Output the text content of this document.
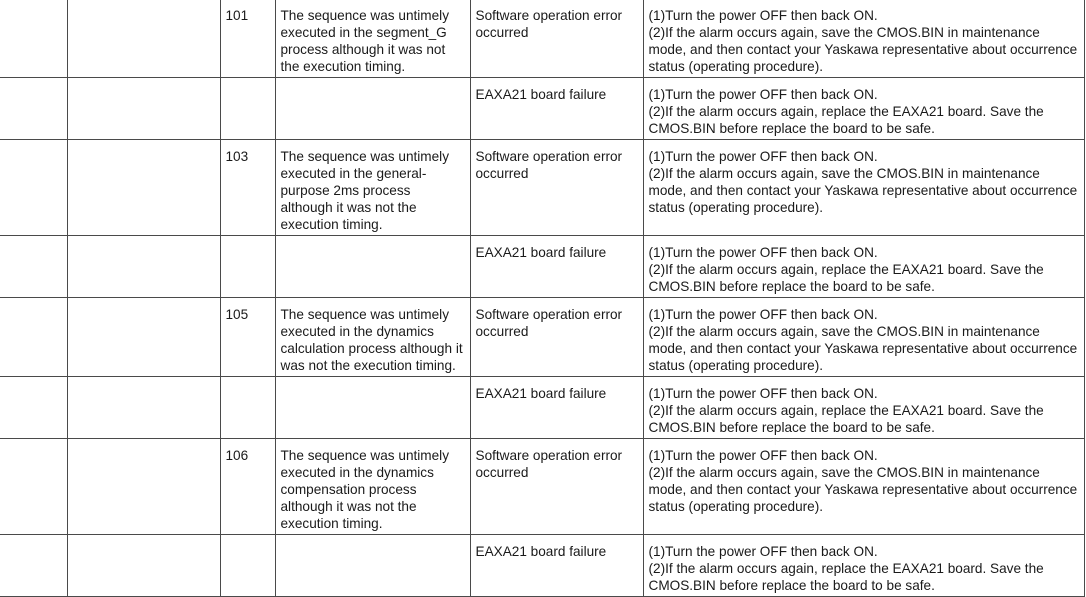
		101	The sequence was untimely executed in the segment_G process although it was not the execution timing.	Software operation error occurred	(1)Turn the power OFF then back ON.
(2)If the alarm occurs again, save the CMOS.BIN in maintenance mode, and then contact your Yaskawa representative about occurrence status (operating procedure).

				EAXA21 board failure	(1)Turn the power OFF then back ON.
(2)If the alarm occurs again, replace the EAXA21 board. Save the CMOS.BIN before replace the board to be safe.

		103	The sequence was untimely executed in the general-purpose 2ms process although it was not the execution timing.	Software operation error occurred	(1)Turn the power OFF then back ON.
(2)If the alarm occurs again, save the CMOS.BIN in maintenance mode, and then contact your Yaskawa representative about occurrence status (operating procedure).

				EAXA21 board failure	(1)Turn the power OFF then back ON.
(2)If the alarm occurs again, replace the EAXA21 board. Save the CMOS.BIN before replace the board to be safe.

		105	The sequence was untimely executed in the dynamics calculation process although it was not the execution timing.	Software operation error occurred	(1)Turn the power OFF then back ON.
(2)If the alarm occurs again, save the CMOS.BIN in maintenance mode, and then contact your Yaskawa representative about occurrence status (operating procedure).

				EAXA21 board failure	(1)Turn the power OFF then back ON.
(2)If the alarm occurs again, replace the EAXA21 board. Save the CMOS.BIN before replace the board to be safe.

		106	The sequence was untimely executed in the dynamics compensation process although it was not the execution timing.	Software operation error occurred	(1)Turn the power OFF then back ON.
(2)If the alarm occurs again, save the CMOS.BIN in maintenance mode, and then contact your Yaskawa representative about occurrence status (operating procedure).

				EAXA21 board failure	(1)Turn the power OFF then back ON.
(2)If the alarm occurs again, replace the EAXA21 board. Save the CMOS.BIN before replace the board to be safe.
